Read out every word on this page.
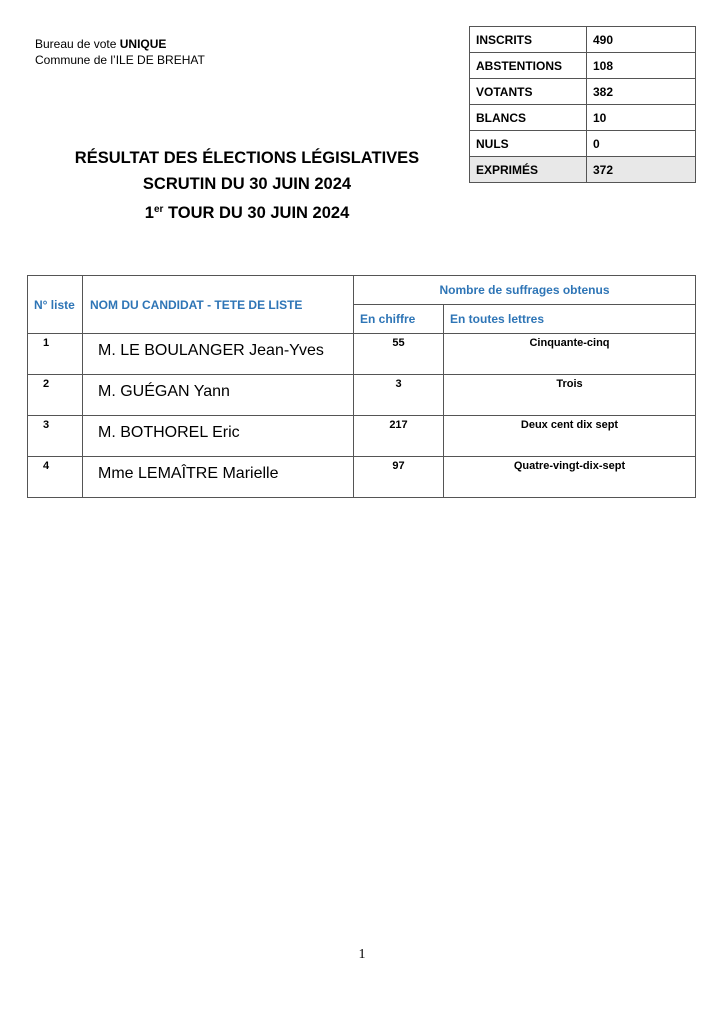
Bureau de vote UNIQUE
Commune de l’ILE DE BREHAT
INSCRITS	490
ABSTENTIONS	108
VOTANTS	382
BLANCS	10
NULS	0
EXPRIMÉS	372
RÉSULTAT DES ÉLECTIONS LÉGISLATIVES
SCRUTIN DU 30 JUIN 2024
1er TOUR DU 30 JUIN 2024
N° liste	NOM DU CANDIDAT - TETE DE LISTE	Nombre de suffrages obtenus	
		En chiffre	En toutes lettres
1	M. LE BOULANGER Jean-Yves	55	Cinquante-cinq
2	M. GUÉGAN Yann	3	Trois
3	M. BOTHOREL Eric	217	Deux cent dix sept
4	Mme LEMAÎTRE Marielle	97	Quatre-vingt-dix-sept
1
